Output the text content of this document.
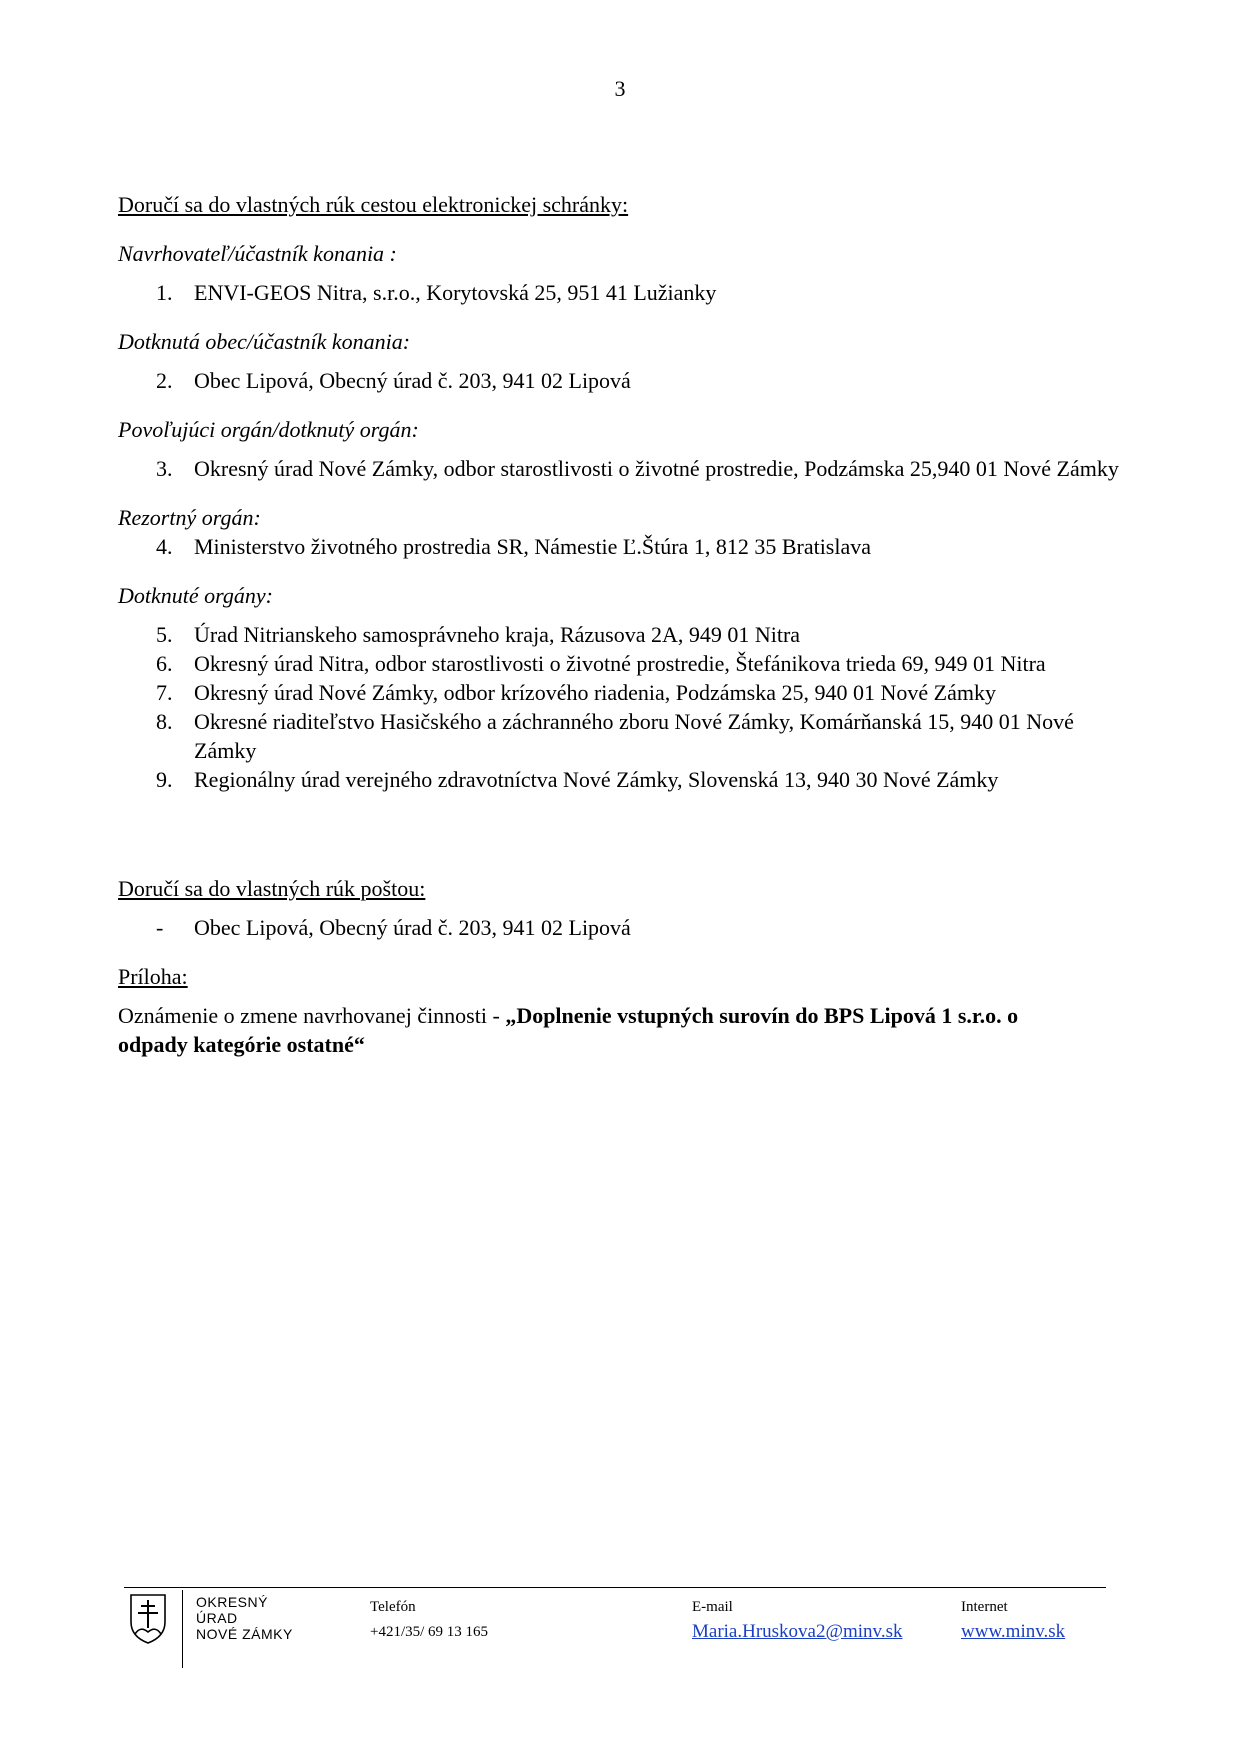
3

Doručí sa do vlastných rúk cestou elektronickej schránky:

Navrhovateľ/účastník konania :

1. ENVI-GEOS Nitra, s.r.o., Korytovská 25, 951 41 Lužianky

Dotknutá obec/účastník konania:

2. Obec Lipová, Obecný úrad č. 203, 941 02 Lipová

Povoľujúci orgán/dotknutý orgán:

3. Okresný úrad Nové Zámky, odbor starostlivosti o životné prostredie, Podzámska 25,940 01 Nové Zámky

Rezortný orgán:

4. Ministerstvo životného prostredia SR, Námestie Ľ.Štúra 1, 812 35 Bratislava

Dotknuté orgány:

5. Úrad Nitrianskeho samosprávneho kraja, Rázusova 2A, 949 01 Nitra
6. Okresný úrad Nitra, odbor starostlivosti o životné prostredie, Štefánikova trieda 69, 949 01 Nitra
7. Okresný úrad Nové Zámky, odbor krízového riadenia, Podzámska 25, 940 01 Nové Zámky
8. Okresné riaditeľstvo Hasičského a záchranného zboru Nové Zámky, Komárňanská 15, 940 01 Nové Zámky
9. Regionálny úrad verejného zdravotníctva Nové Zámky, Slovenská 13, 940 30 Nové Zámky

Doručí sa do vlastných rúk poštou:

-	Obec Lipová, Obecný úrad č. 203, 941 02 Lipová

Príloha:

Oznámenie o zmene navrhovanej činnosti - „Doplnenie vstupných surovín do BPS Lipová 1 s.r.o. o odpady kategórie ostatné“

OKRESNÝ
ÚRAD
NOVÉ ZÁMKY
Telefón
+421/35/ 69 13 165
E-mail
Maria.Hruskova2@minv.sk
Internet
www.minv.sk
